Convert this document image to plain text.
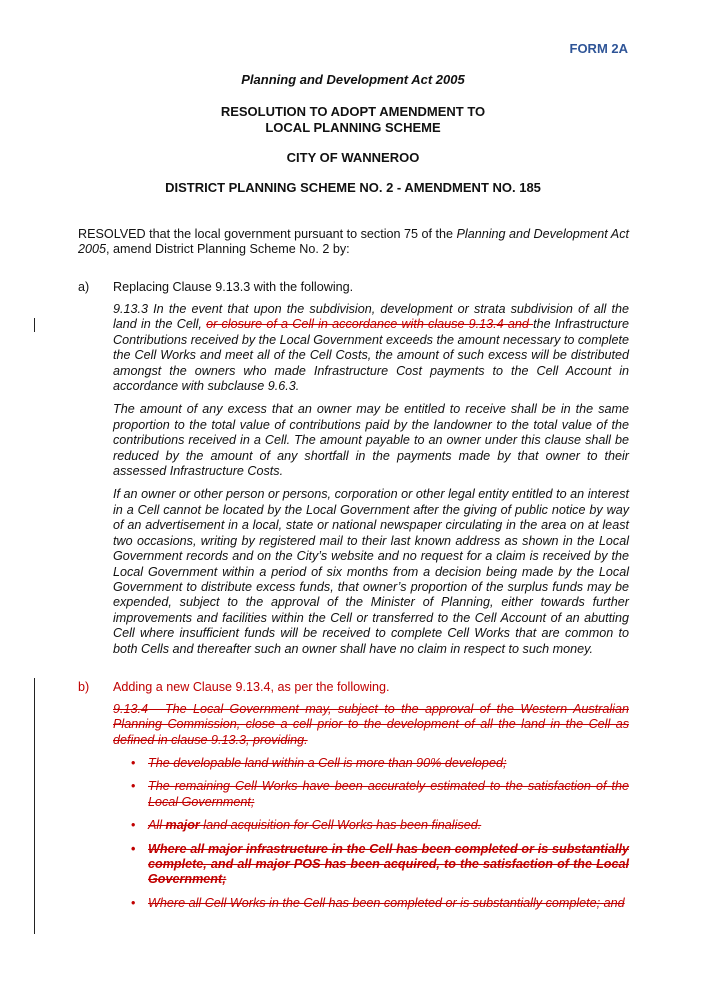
FORM 2A
Planning and Development Act 2005
RESOLUTION TO ADOPT AMENDMENT TO
LOCAL PLANNING SCHEME
CITY OF WANNEROO
DISTRICT PLANNING SCHEME NO. 2 - AMENDMENT NO. 185
RESOLVED that the local government pursuant to section 75 of the Planning and Development Act 2005, amend District Planning Scheme No. 2 by:
a) Replacing Clause 9.13.3 with the following.

9.13.3 In the event that upon the subdivision, development or strata subdivision of all the land in the Cell, or closure of a Cell in accordance with clause 9.13.4 and the Infrastructure Contributions received by the Local Government exceeds the amount necessary to complete the Cell Works and meet all of the Cell Costs, the amount of such excess will be distributed amongst the owners who made Infrastructure Cost payments to the Cell Account in accordance with subclause 9.6.3.

The amount of any excess that an owner may be entitled to receive shall be in the same proportion to the total value of contributions paid by the landowner to the total value of the contributions received in a Cell. The amount payable to an owner under this clause shall be reduced by the amount of any shortfall in the payments made by that owner to their assessed Infrastructure Costs.

If an owner or other person or persons, corporation or other legal entity entitled to an interest in a Cell cannot be located by the Local Government after the giving of public notice by way of an advertisement in a local, state or national newspaper circulating in the area on at least two occasions, writing by registered mail to their last known address as shown in the Local Government records and on the City’s website and no request for a claim is received by the Local Government within a period of six months from a decision being made by the Local Government to distribute excess funds, that owner’s proportion of the surplus funds may be expended, subject to the approval of the Minister of Planning, either towards further improvements and facilities within the Cell or transferred to the Cell Account of an abutting Cell where insufficient funds will be received to complete Cell Works that are common to both Cells and thereafter such an owner shall have no claim in respect to such money.

b) Adding a new Clause 9.13.4, as per the following.
9.13.4 - The Local Government may, subject to the approval of the Western Australian Planning Commission, close a cell prior to the development of all the land in the Cell as defined in clause 9.13.3, providing.
• The developable land within a Cell is more than 90% developed;
• The remaining Cell Works have been accurately estimated to the satisfaction of the Local Government;
• All major land acquisition for Cell Works has been finalised.
• Where all major infrastructure in the Cell has been completed or is substantially complete, and all major POS has been acquired, to the satisfaction of the Local Government;
• Where all Cell Works in the Cell has been completed or is substantially complete; and
